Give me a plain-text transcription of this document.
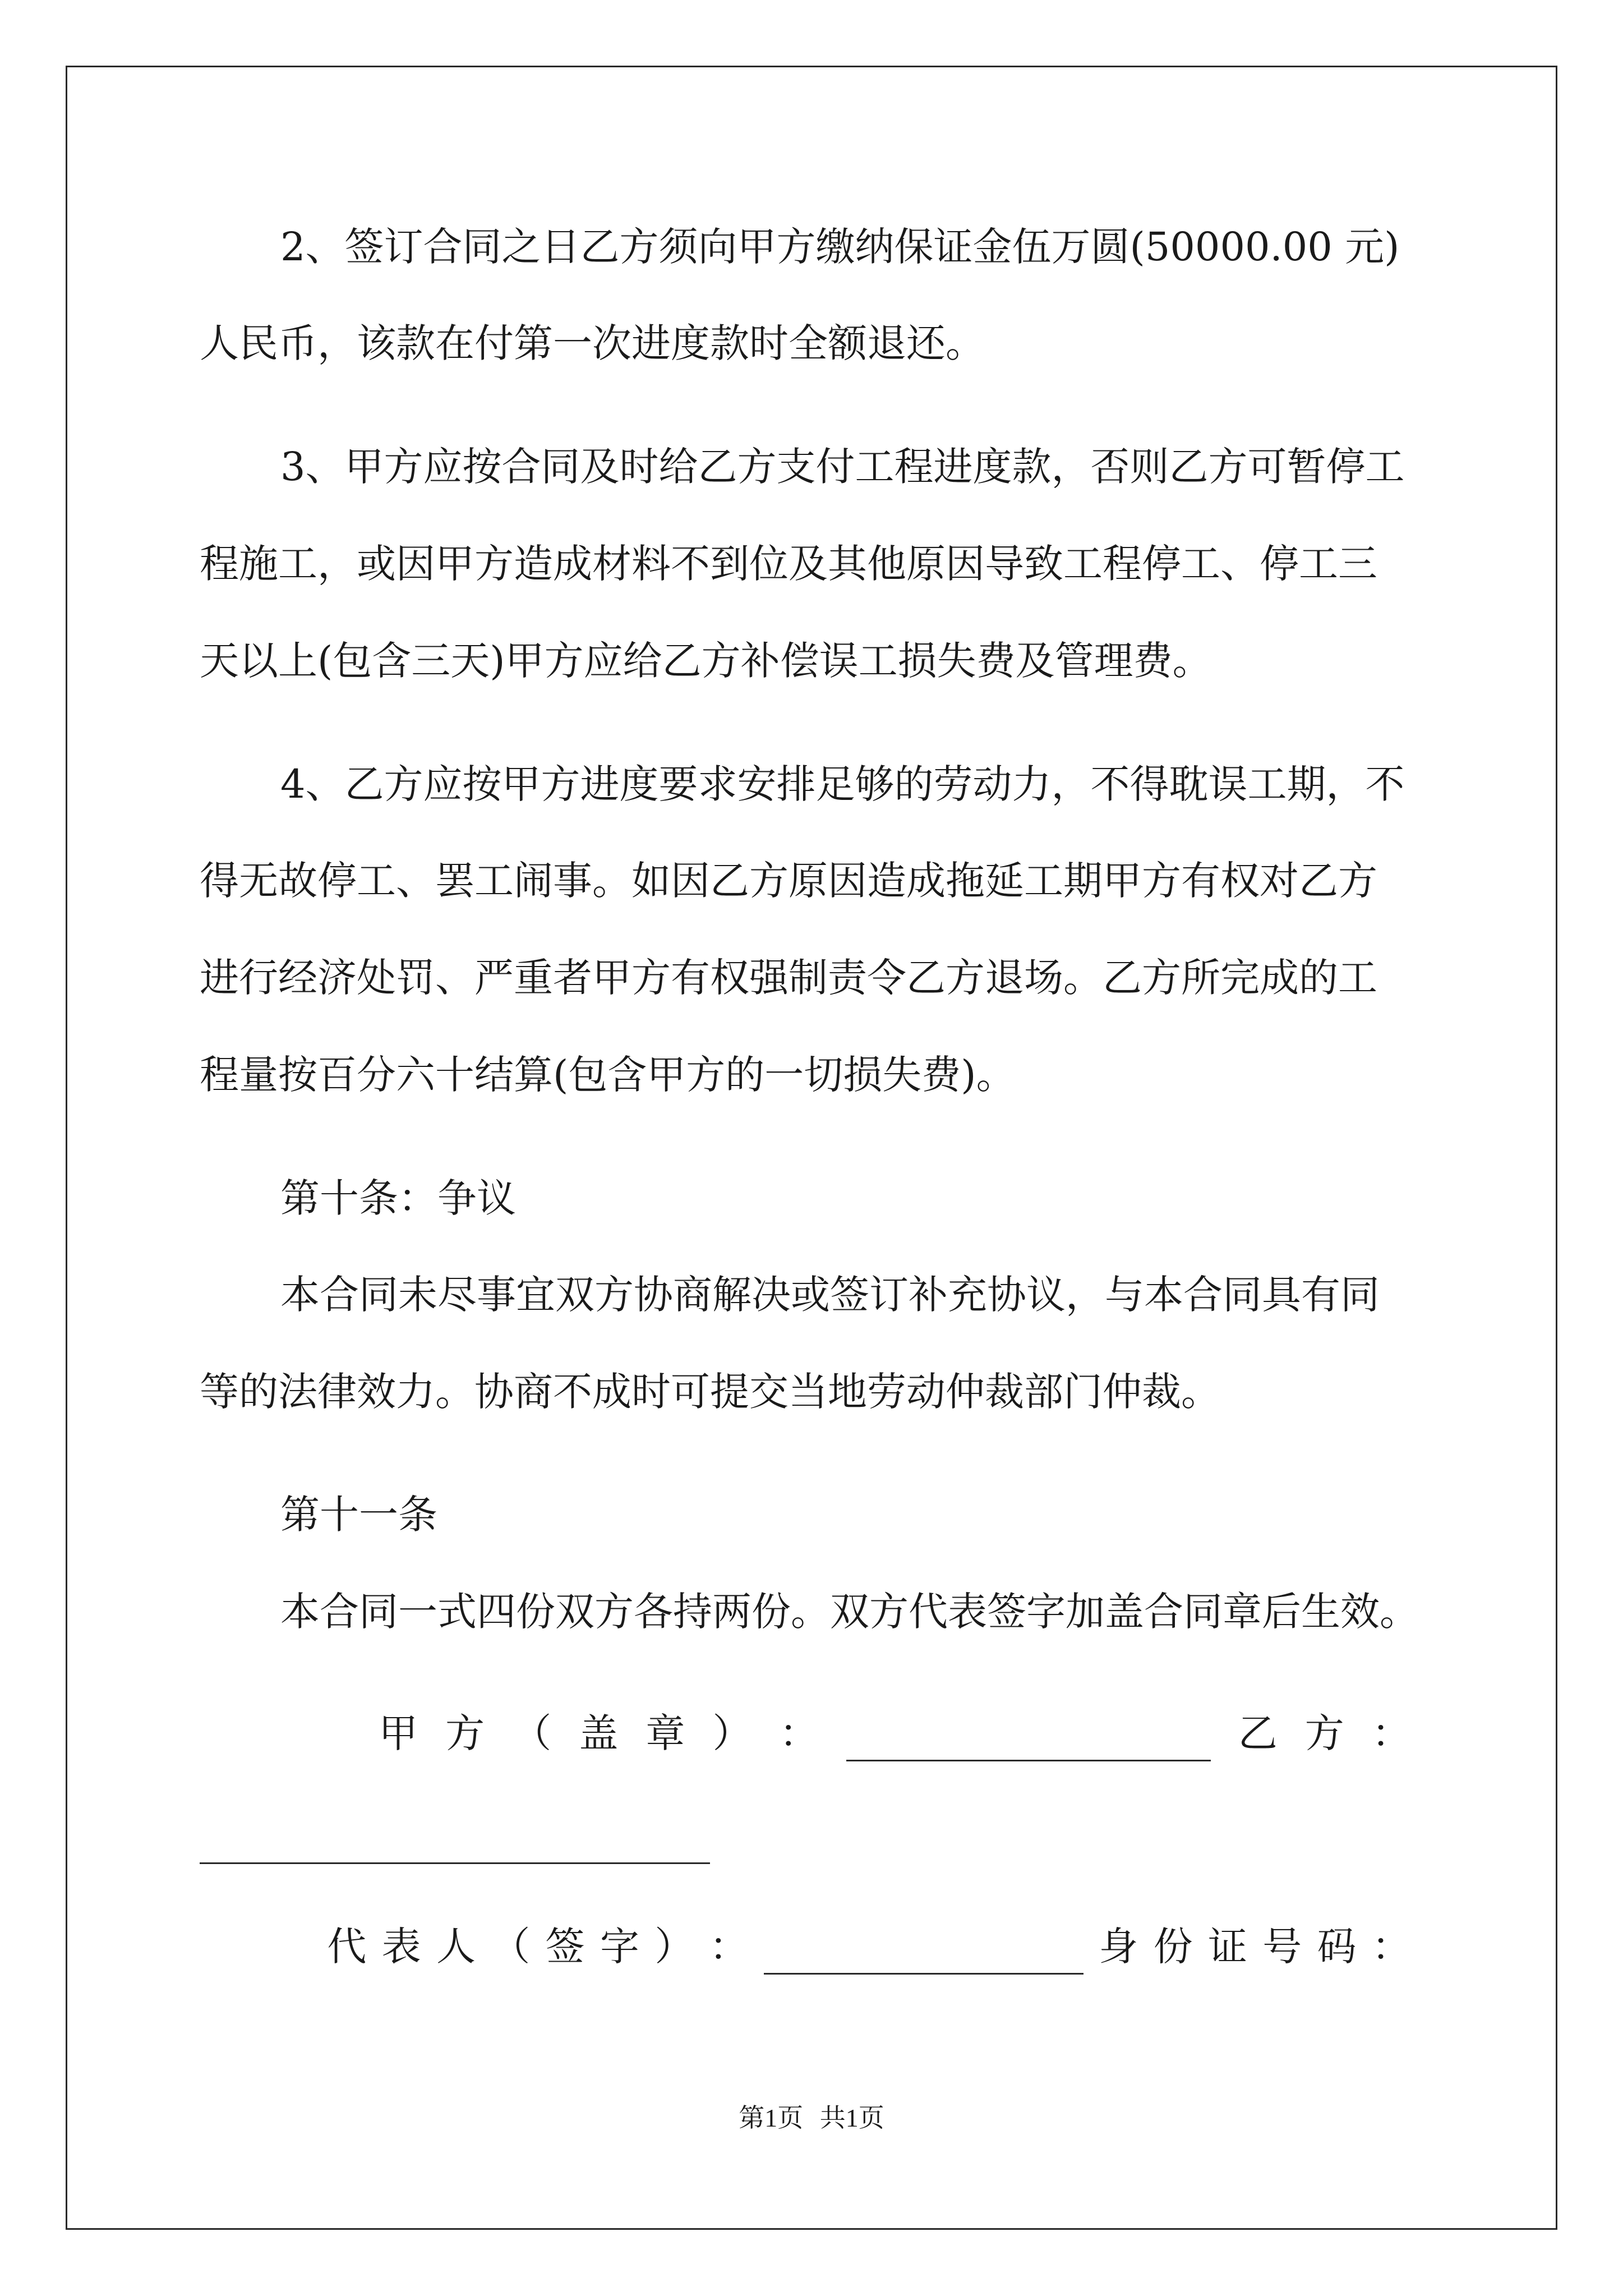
2、签订合同之日乙方须向甲方缴纳保证金伍万圆(50000.00 元)

人民币，该款在付第一次进度款时全额退还。

3、甲方应按合同及时给乙方支付工程进度款，否则乙方可暂停工

程施工，或因甲方造成材料不到位及其他原因导致工程停工、停工三

天以上(包含三天)甲方应给乙方补偿误工损失费及管理费。

4、乙方应按甲方进度要求安排足够的劳动力，不得耽误工期，不

得无故停工、罢工闹事。如因乙方原因造成拖延工期甲方有权对乙方

进行经济处罚、严重者甲方有权强制责令乙方退场。乙方所完成的工

程量按百分六十结算(包含甲方的一切损失费)。

第十条：争议

本合同未尽事宜双方协商解决或签订补充协议，与本合同具有同

等的法律效力。协商不成时可提交当地劳动仲裁部门仲裁。

第十一条

本合同一式四份双方各持两份。双方代表签字加盖合同章后生效。

甲 方 （ 盖 章 ） ：	乙 方 ：
代 表 人 （ 签 字 ） ：	身 份 证 号 码 ：
第1页 共1页
